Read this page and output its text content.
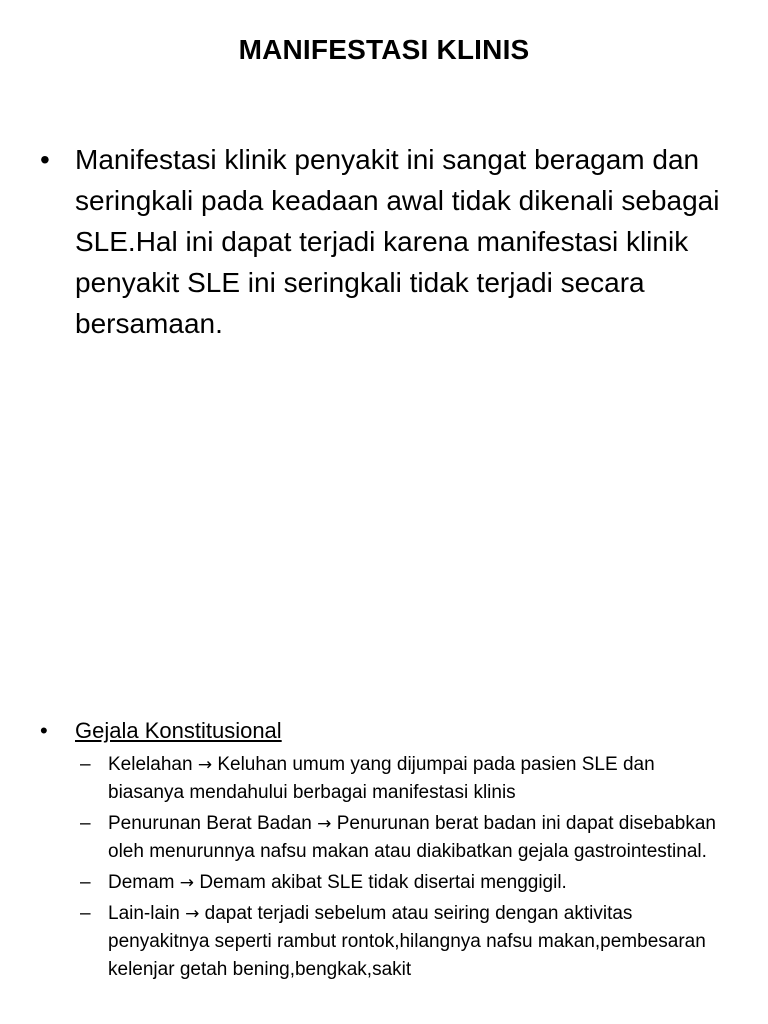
MANIFESTASI KLINIS
• Manifestasi klinik penyakit ini sangat beragam dan seringkali pada keadaan awal tidak dikenali sebagai SLE.Hal ini dapat terjadi karena manifestasi klinik penyakit SLE ini seringkali tidak terjadi secara bersamaan.
•	Gejala Konstitusional
– Kelelahan → Keluhan umum yang dijumpai pada pasien SLE dan biasanya mendahului berbagai manifestasi klinis
– Penurunan Berat Badan → Penurunan berat badan ini dapat disebabkan oleh menurunnya nafsu makan atau diakibatkan gejala gastrointestinal.
– Demam → Demam akibat SLE tidak disertai menggigil.
– Lain-lain → dapat terjadi sebelum atau seiring dengan aktivitas penyakitnya seperti rambut rontok,hilangnya nafsu makan,pembesaran kelenjar getah bening,bengkak,sakit
